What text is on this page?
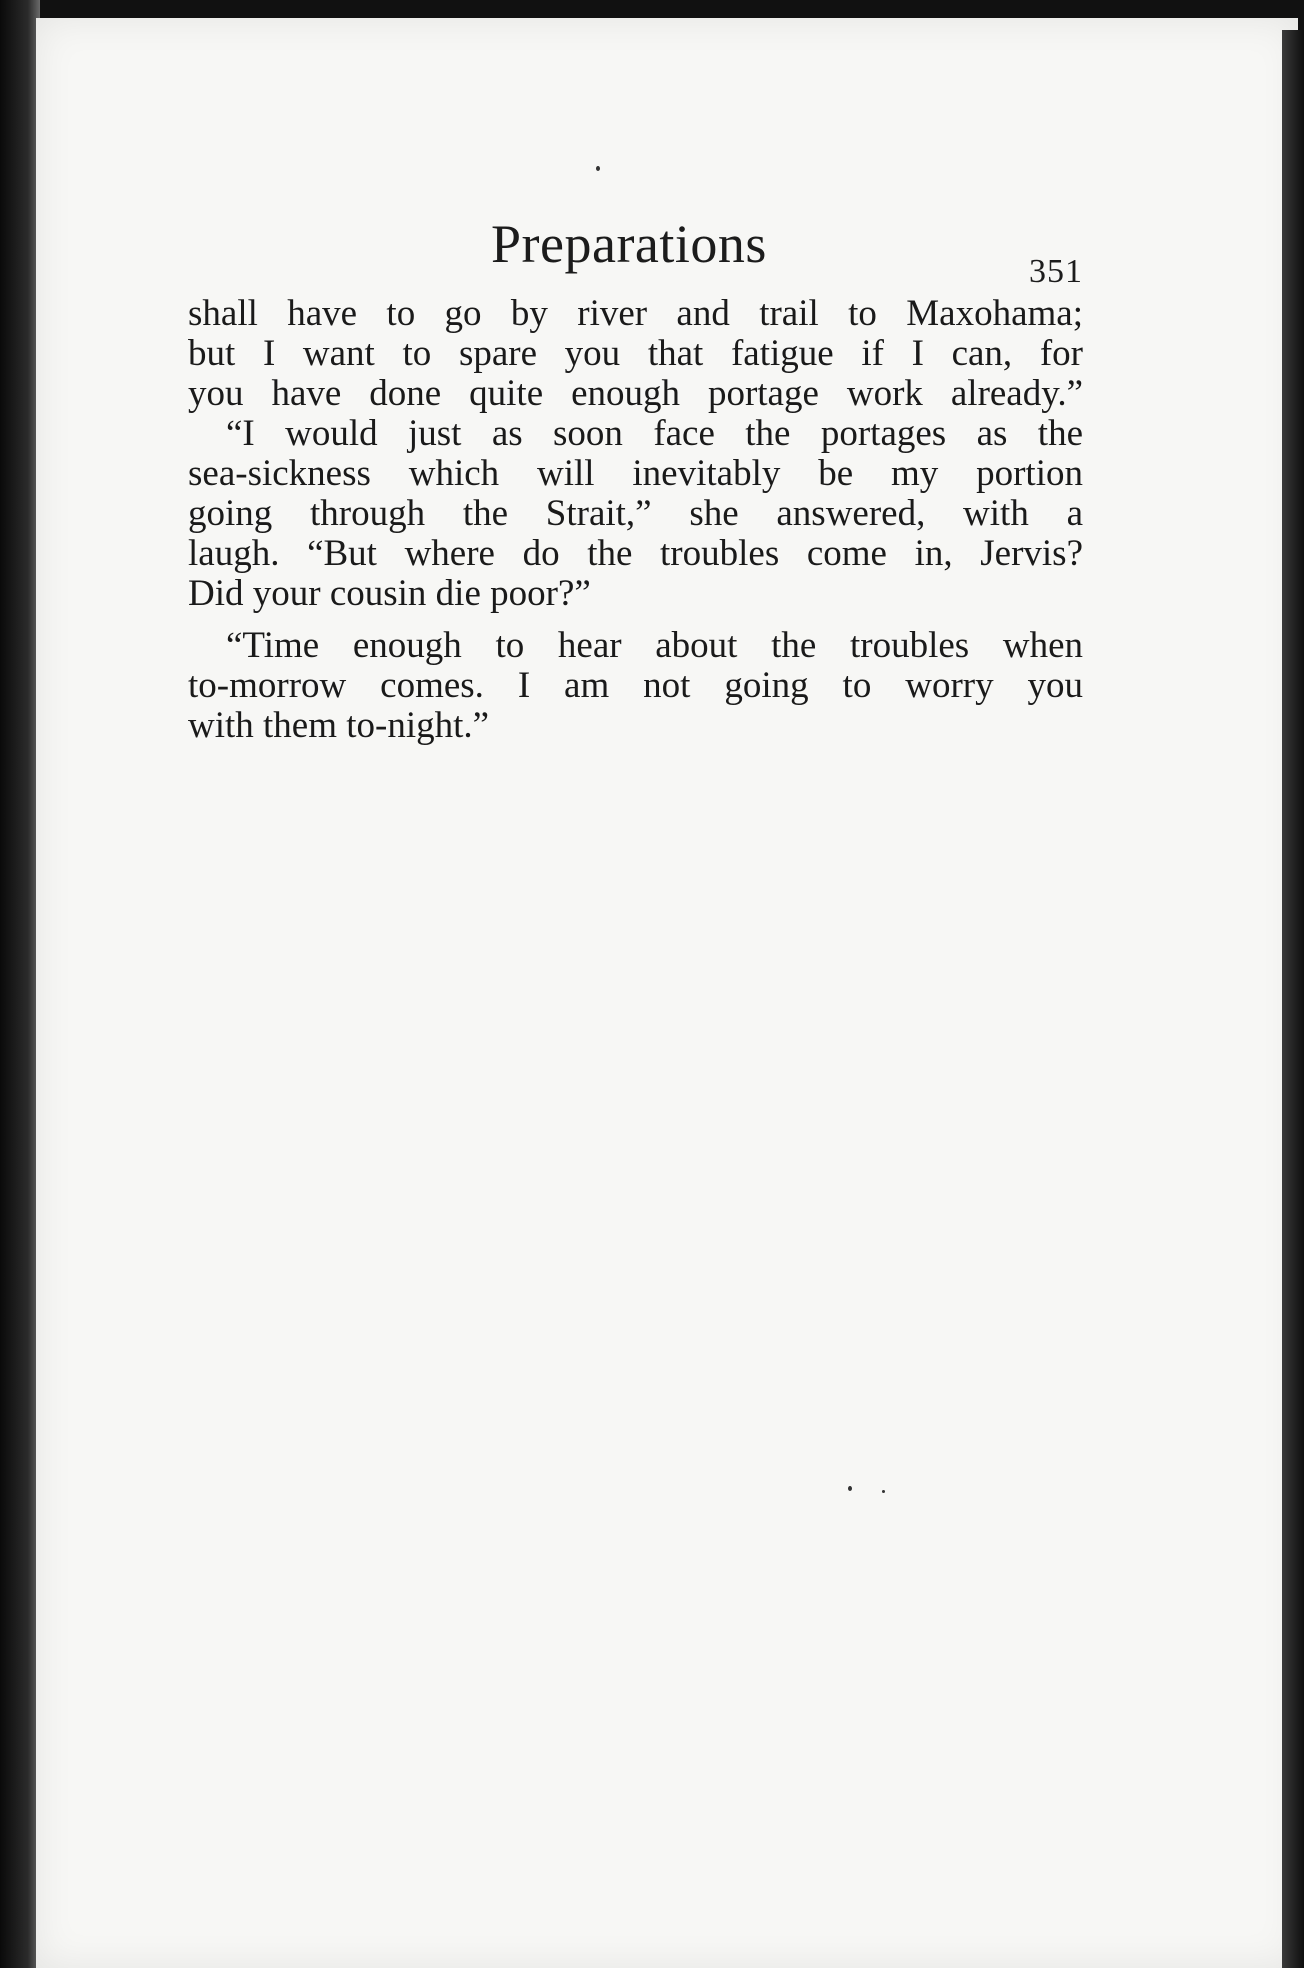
Preparations	351
shall have to go by river and trail to Maxohama;
but I want to spare you that fatigue if I can, for
you have done quite enough portage work already.”
“I would just as soon face the portages as the
sea-sickness which will inevitably be my portion
going through the Strait,” she answered, with a
laugh. “But where do the troubles come in, Jervis?
Did your cousin die poor?”
“Time enough to hear about the troubles when
to-morrow comes. I am not going to worry you
with them to-night.”
